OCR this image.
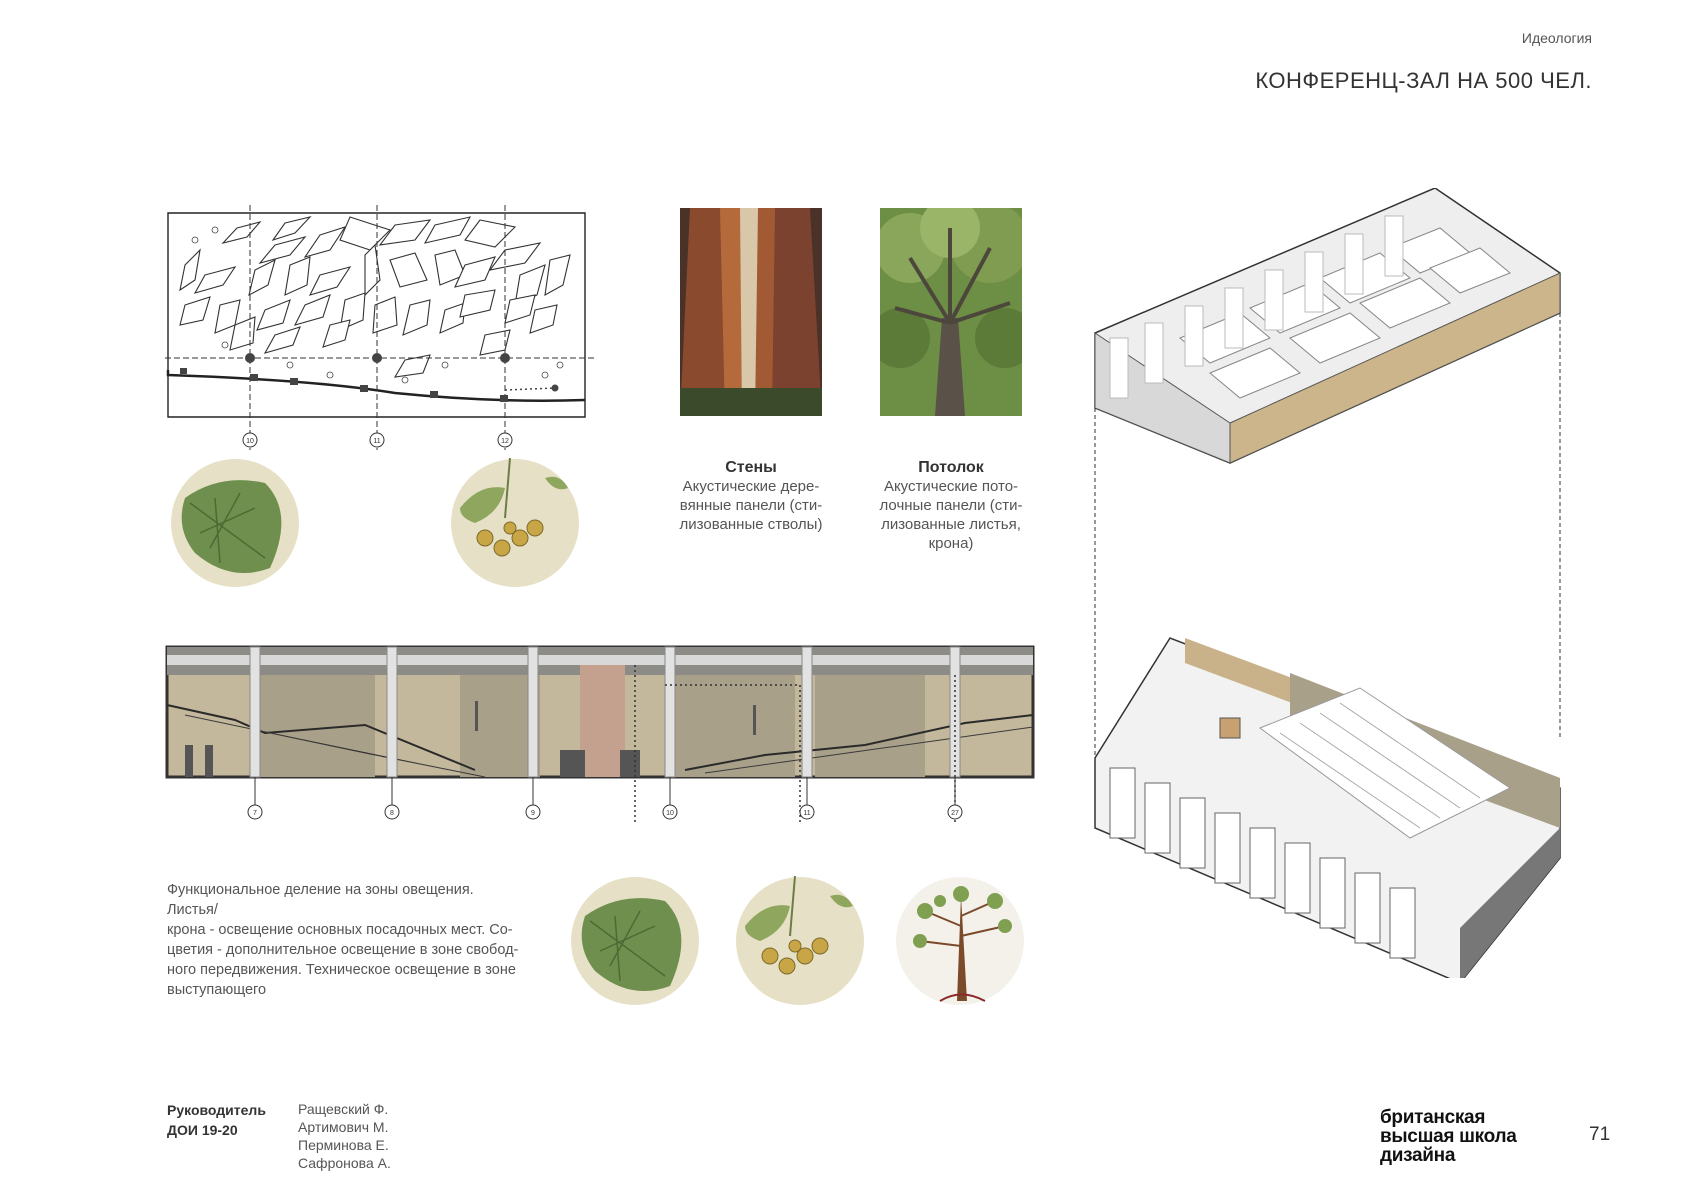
Идеология
КОНФЕРЕНЦ-ЗАЛ НА 500 ЧЕЛ.
10	11	12
Стены
Акустические дере-
вянные панели (сти-
лизованные стволы)
Потолок
Акустические пото-
лочные панели (сти-
лизованные листья,
крона)
7	8	9	10	11	27
Функциональное деление на зоны овещения. Листья/
крона - освещение основных посадочных мест. Со-
цветия - дополнительное освещение в зоне свобод-
ного передвижения. Техническое освещение в зоне
выступающего
Руководитель
ДОИ 19-20
Ращевский Ф.
Артимович М.
Перминова Е.
Сафронова А.
британская
высшая школа
дизайна
71
